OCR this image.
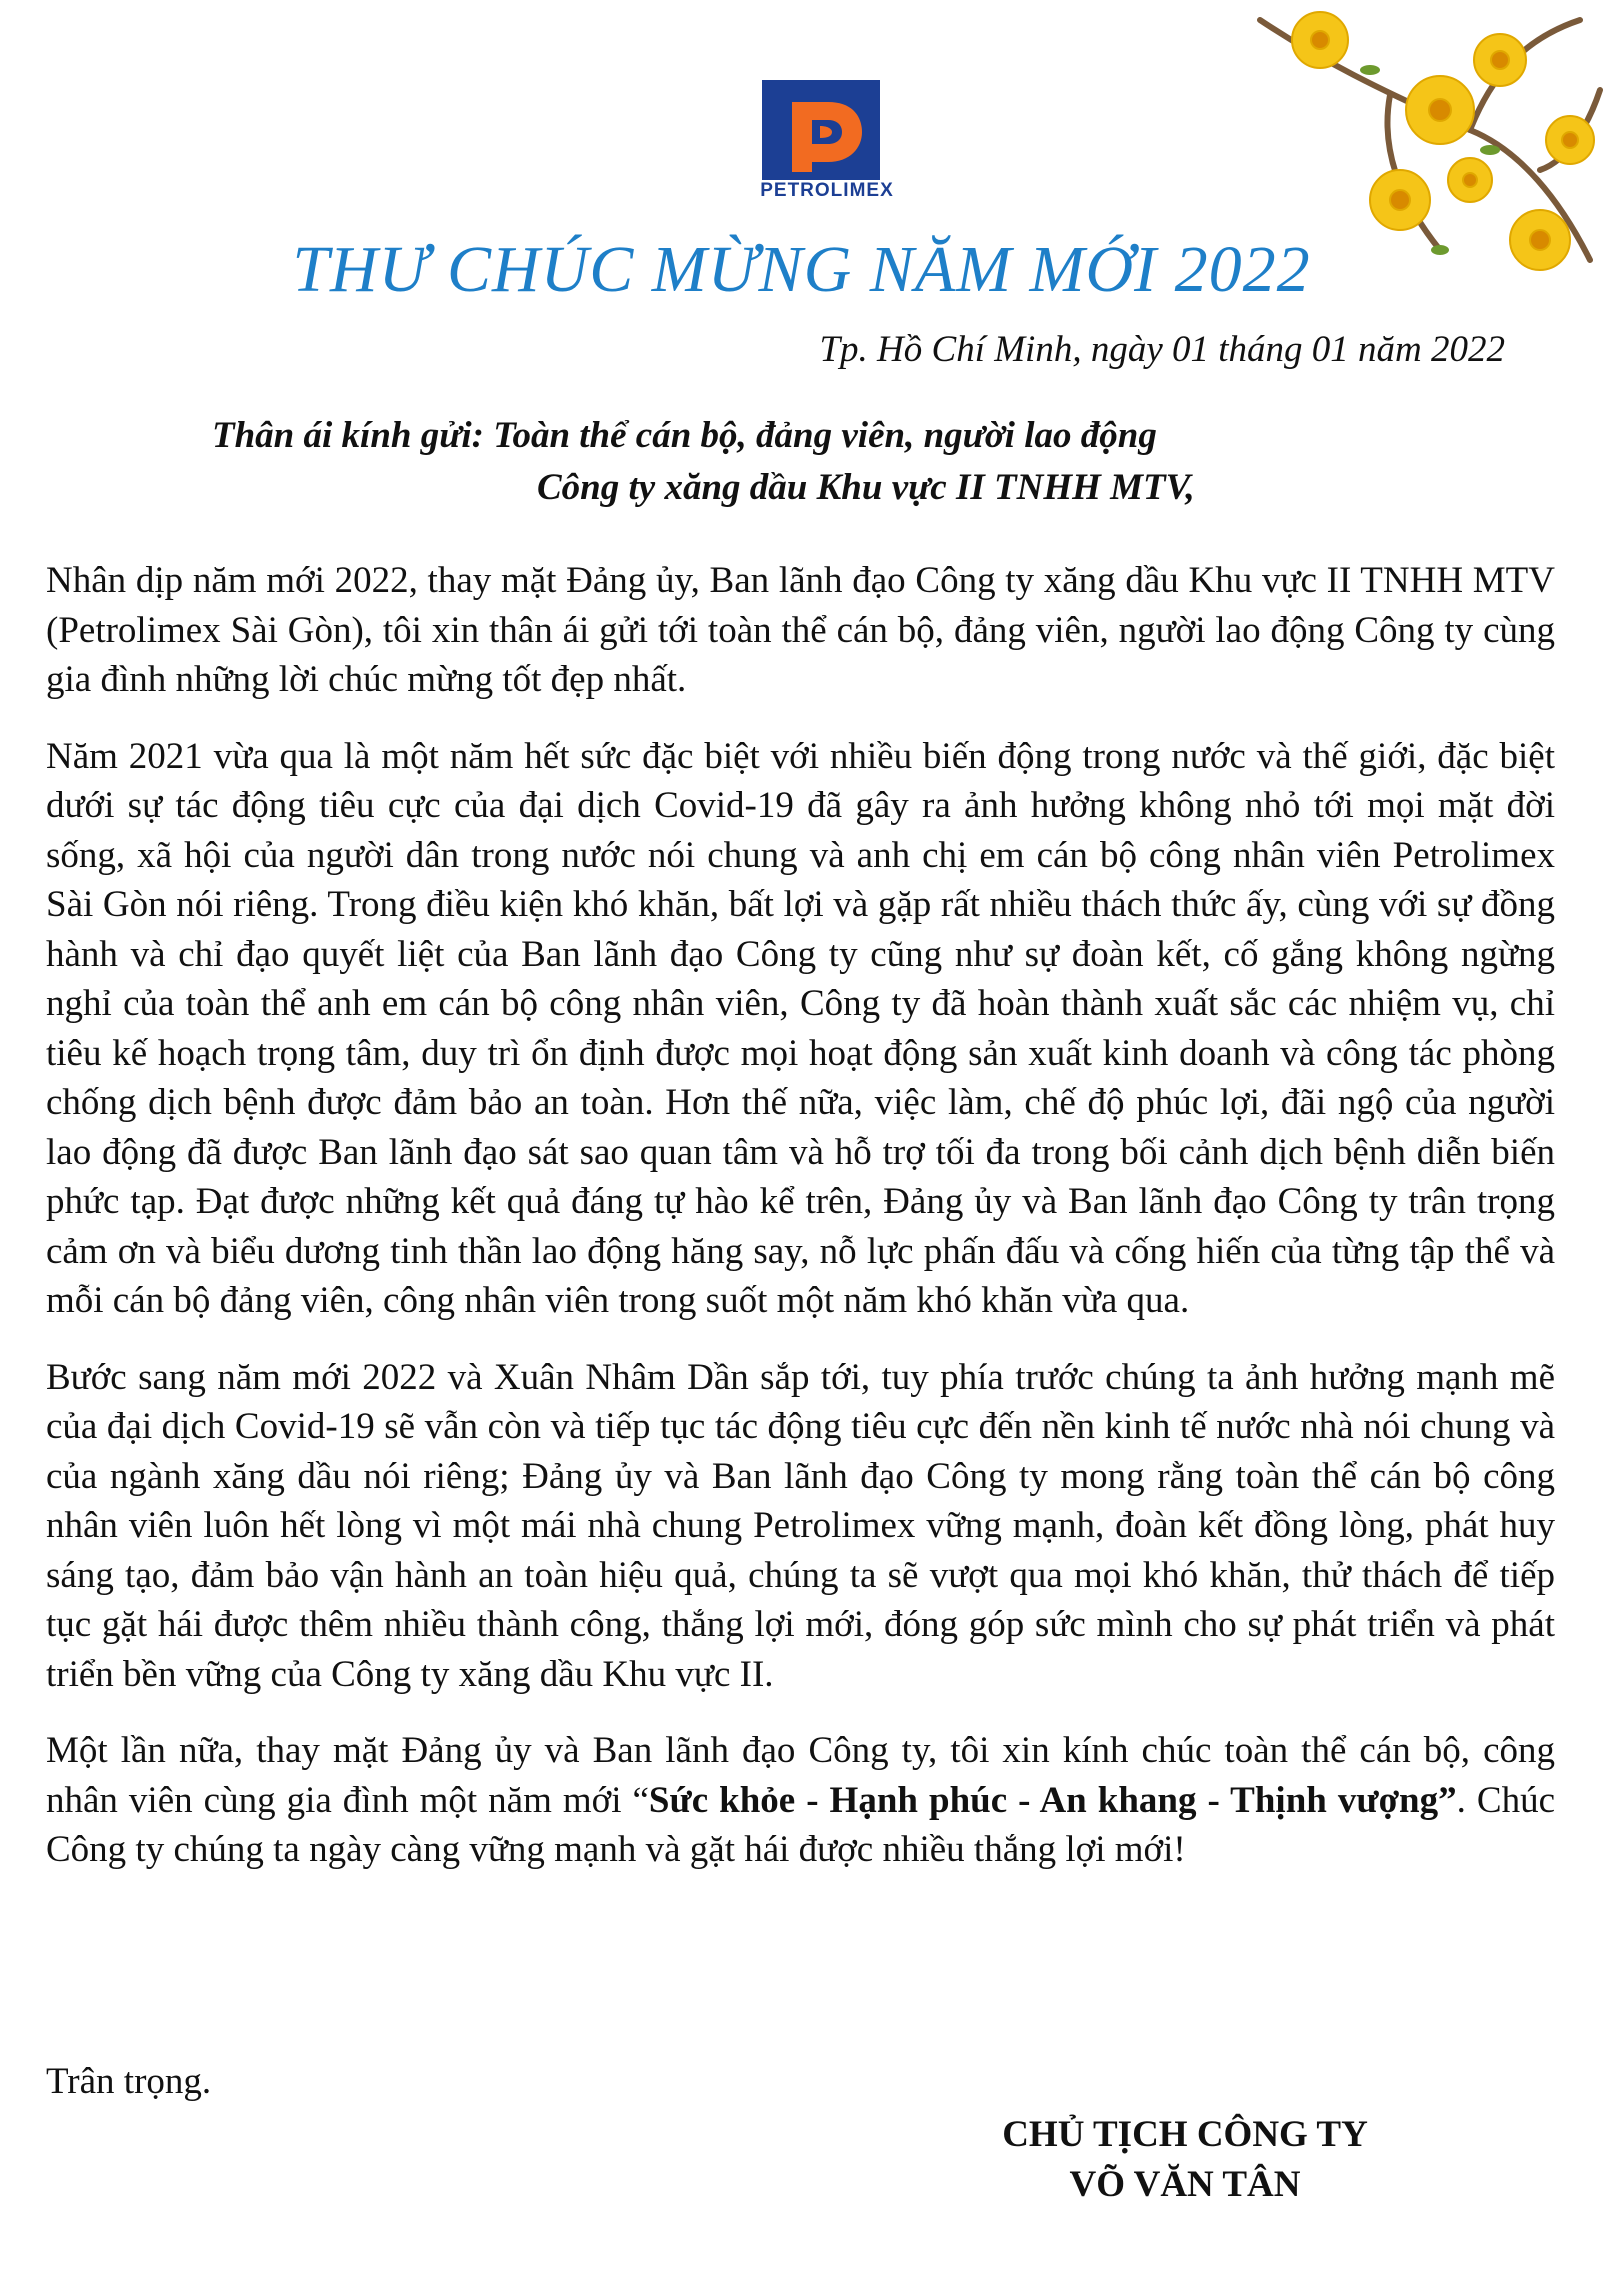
PETROLIMEX
THƯ CHÚC MỪNG NĂM MỚI 2022
Tp. Hồ Chí Minh, ngày 01 tháng 01 năm 2022
Thân ái kính gửi: Toàn thể cán bộ, đảng viên, người lao động
Công ty xăng dầu Khu vực II TNHH MTV,

Nhân dịp năm mới 2022, thay mặt Đảng ủy, Ban lãnh đạo Công ty xăng dầu Khu vực II TNHH MTV (Petrolimex Sài Gòn), tôi xin thân ái gửi tới toàn thể cán bộ, đảng viên, người lao động Công ty cùng gia đình những lời chúc mừng tốt đẹp nhất.

Năm 2021 vừa qua là một năm hết sức đặc biệt với nhiều biến động trong nước và thế giới, đặc biệt dưới sự tác động tiêu cực của đại dịch Covid-19 đã gây ra ảnh hưởng không nhỏ tới mọi mặt đời sống, xã hội của người dân trong nước nói chung và anh chị em cán bộ công nhân viên Petrolimex Sài Gòn nói riêng. Trong điều kiện khó khăn, bất lợi và gặp rất nhiều thách thức ấy, cùng với sự đồng hành và chỉ đạo quyết liệt của Ban lãnh đạo Công ty cũng như sự đoàn kết, cố gắng không ngừng nghỉ của toàn thể anh em cán bộ công nhân viên, Công ty đã hoàn thành xuất sắc các nhiệm vụ, chỉ tiêu kế hoạch trọng tâm, duy trì ổn định được mọi hoạt động sản xuất kinh doanh và công tác phòng chống dịch bệnh được đảm bảo an toàn. Hơn thế nữa, việc làm, chế độ phúc lợi, đãi ngộ của người lao động đã được Ban lãnh đạo sát sao quan tâm và hỗ trợ tối đa trong bối cảnh dịch bệnh diễn biến phức tạp. Đạt được những kết quả đáng tự hào kể trên, Đảng ủy và Ban lãnh đạo Công ty trân trọng cảm ơn và biểu dương tinh thần lao động hăng say, nỗ lực phấn đấu và cống hiến của từng tập thể và mỗi cán bộ đảng viên, công nhân viên trong suốt một năm khó khăn vừa qua.

Bước sang năm mới 2022 và Xuân Nhâm Dần sắp tới, tuy phía trước chúng ta ảnh hưởng mạnh mẽ của đại dịch Covid-19 sẽ vẫn còn và tiếp tục tác động tiêu cực đến nền kinh tế nước nhà nói chung và của ngành xăng dầu nói riêng; Đảng ủy và Ban lãnh đạo Công ty mong rằng toàn thể cán bộ công nhân viên luôn hết lòng vì một mái nhà chung Petrolimex vững mạnh, đoàn kết đồng lòng, phát huy sáng tạo, đảm bảo vận hành an toàn hiệu quả, chúng ta sẽ vượt qua mọi khó khăn, thử thách để tiếp tục gặt hái được thêm nhiều thành công, thắng lợi mới, đóng góp sức mình cho sự phát triển và phát triển bền vững của Công ty xăng dầu Khu vực II.

Một lần nữa, thay mặt Đảng ủy và Ban lãnh đạo Công ty, tôi xin kính chúc toàn thể cán bộ, công nhân viên cùng gia đình một năm mới “Sức khỏe - Hạnh phúc - An khang - Thịnh vượng”. Chúc Công ty chúng ta ngày càng vững mạnh và gặt hái được nhiều thắng lợi mới!

Trân trọng.
CHỦ TỊCH CÔNG TY
VÕ VĂN TÂN
